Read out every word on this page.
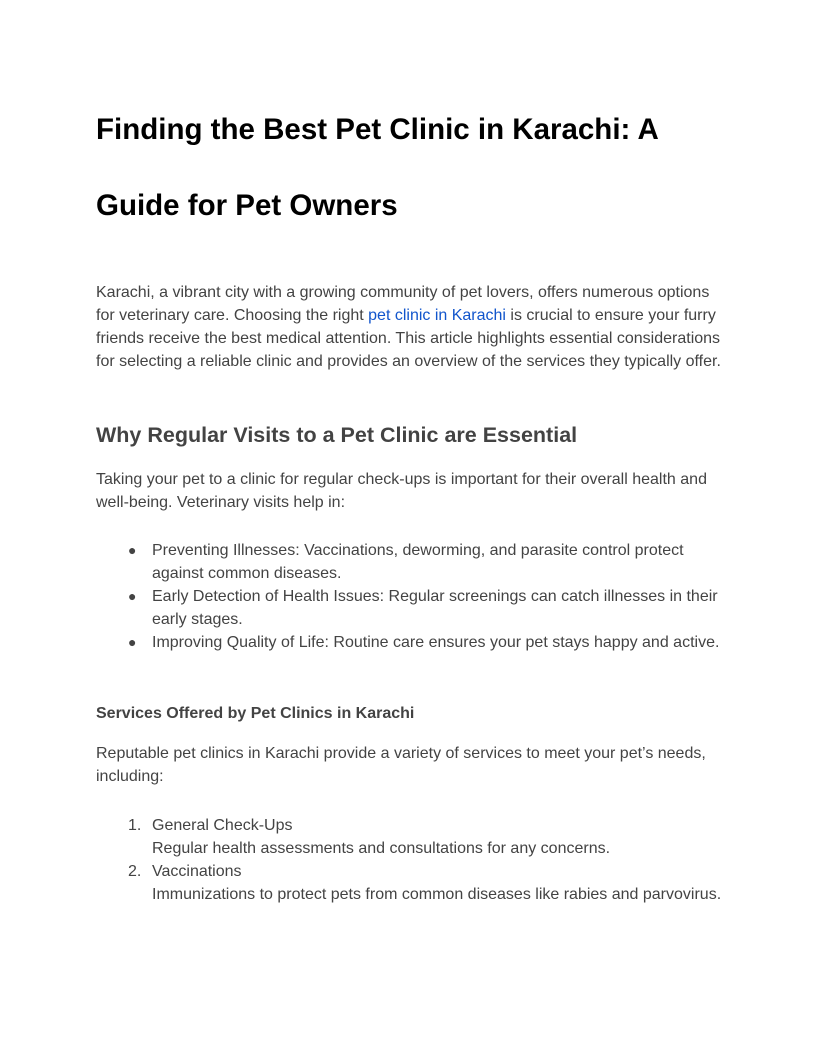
Finding the Best Pet Clinic in Karachi: A
Guide for Pet Owners

Karachi, a vibrant city with a growing community of pet lovers, offers numerous options for veterinary care. Choosing the right pet clinic in Karachi is crucial to ensure your furry friends receive the best medical attention. This article highlights essential considerations for selecting a reliable clinic and provides an overview of the services they typically offer.

Why Regular Visits to a Pet Clinic are Essential

Taking your pet to a clinic for regular check-ups is important for their overall health and well-being. Veterinary visits help in:

● Preventing Illnesses: Vaccinations, deworming, and parasite control protect against common diseases.
● Early Detection of Health Issues: Regular screenings can catch illnesses in their early stages.
● Improving Quality of Life: Routine care ensures your pet stays happy and active.
Services Offered by Pet Clinics in Karachi

Reputable pet clinics in Karachi provide a variety of services to meet your pet’s needs, including:

1. General Check-Ups
Regular health assessments and consultations for any concerns.
2. Vaccinations
Immunizations to protect pets from common diseases like rabies and parvovirus.
